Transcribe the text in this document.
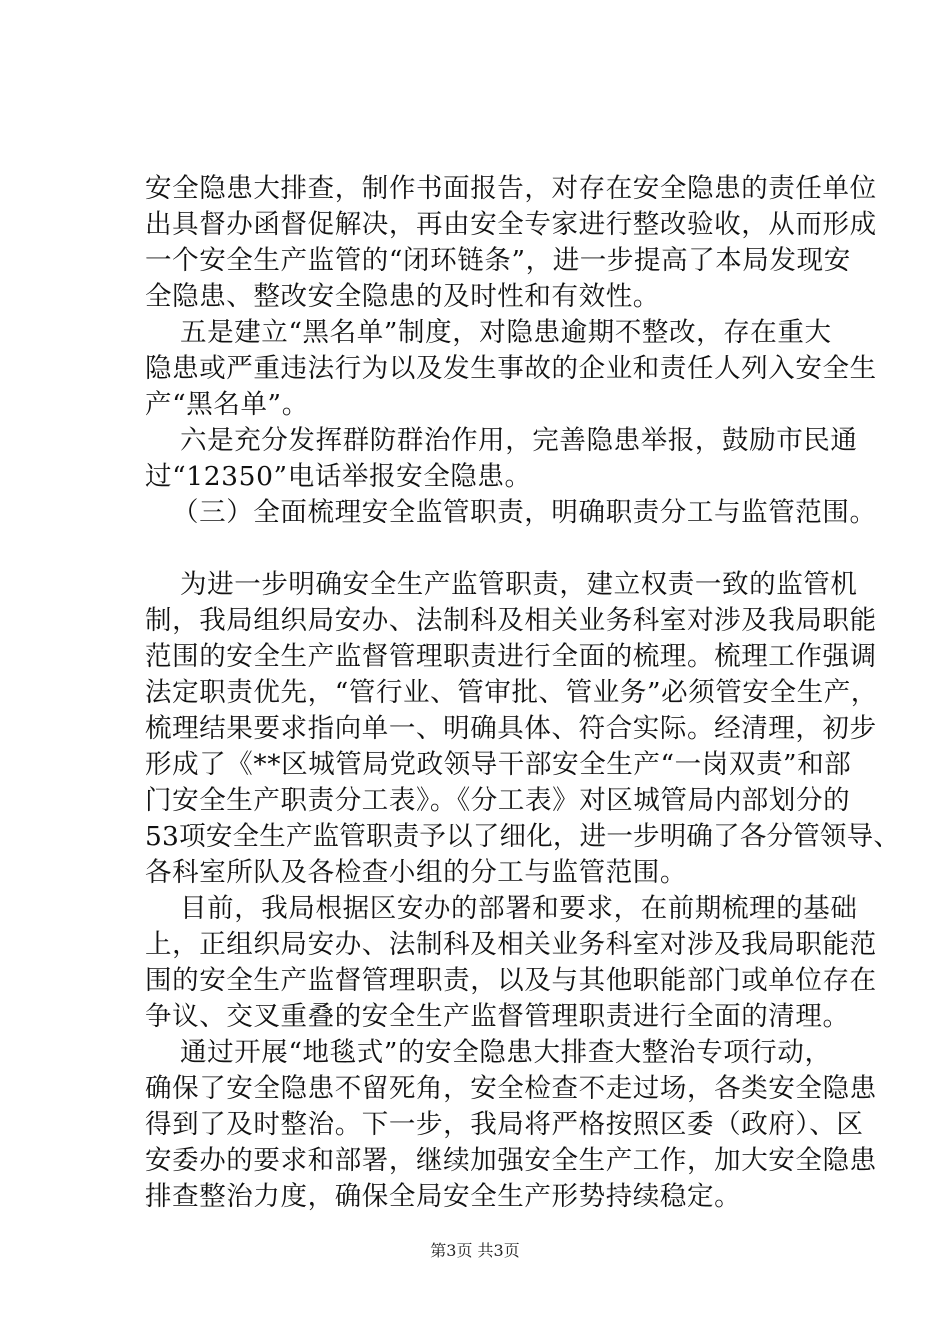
安全隐患大排查，制作书面报告，对存在安全隐患的责任单位
出具督办函督促解决，再由安全专家进行整改验收，从而形成
一个安全生产监管的“闭环链条”，进一步提高了本局发现安
全隐患、整改安全隐患的及时性和有效性。
五是建立“黑名单”制度，对隐患逾期不整改，存在重大
隐患或严重违法行为以及发生事故的企业和责任人列入安全生
产“黑名单”。
六是充分发挥群防群治作用，完善隐患举报，鼓励市民通
过“12350”电话举报安全隐患。
（三）全面梳理安全监管职责，明确职责分工与监管范围。
为进一步明确安全生产监管职责，建立权责一致的监管机
制，我局组织局安办、法制科及相关业务科室对涉及我局职能
范围的安全生产监督管理职责进行全面的梳理。梳理工作强调
法定职责优先，“管行业、管审批、管业务”必须管安全生产，
梳理结果要求指向单一、明确具体、符合实际。经清理，初步
形成了《**区城管局党政领导干部安全生产“一岗双责”和部
门安全生产职责分工表》。《分工表》对区城管局内部划分的
53项安全生产监管职责予以了细化，进一步明确了各分管领导、
各科室所队及各检查小组的分工与监管范围。
目前，我局根据区安办的部署和要求，在前期梳理的基础
上，正组织局安办、法制科及相关业务科室对涉及我局职能范
围的安全生产监督管理职责，以及与其他职能部门或单位存在
争议、交叉重叠的安全生产监督管理职责进行全面的清理。
通过开展“地毯式”的安全隐患大排查大整治专项行动，
确保了安全隐患不留死角，安全检查不走过场，各类安全隐患
得到了及时整治。下一步，我局将严格按照区委（政府）、区
安委办的要求和部署，继续加强安全生产工作，加大安全隐患
排查整治力度，确保全局安全生产形势持续稳定。
第3页 共3页
